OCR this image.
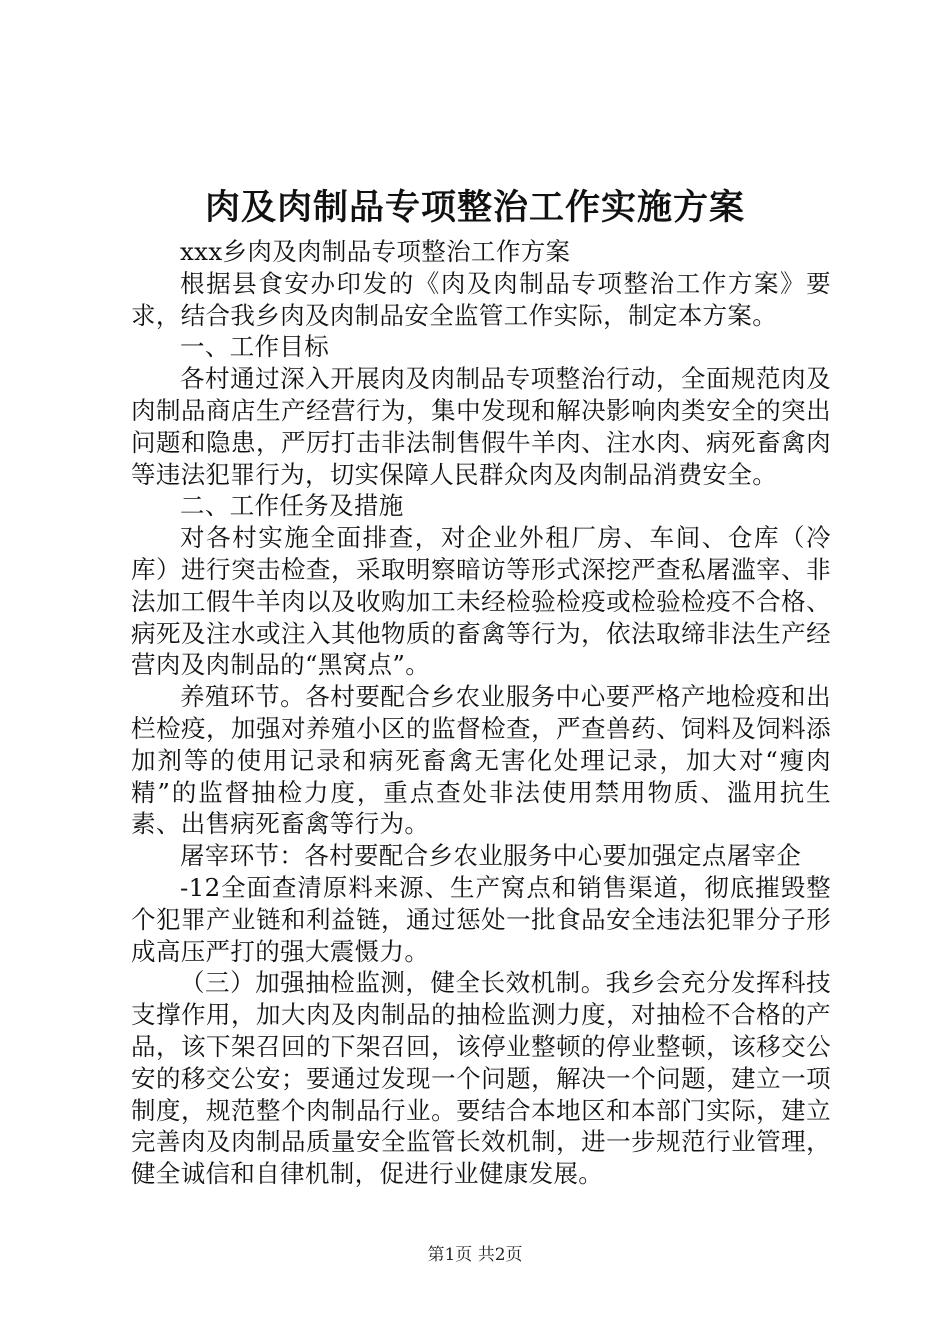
肉及肉制品专项整治工作实施方案

xxx乡肉及肉制品专项整治工作方案

根据县食安办印发的《肉及肉制品专项整治工作方案》要求，结合我乡肉及肉制品安全监管工作实际，制定本方案。

一、工作目标

各村通过深入开展肉及肉制品专项整治行动，全面规范肉及肉制品商店生产经营行为，集中发现和解决影响肉类安全的突出问题和隐患，严厉打击非法制售假牛羊肉、注水肉、病死畜禽肉等违法犯罪行为，切实保障人民群众肉及肉制品消费安全。

二、工作任务及措施

对各村实施全面排查，对企业外租厂房、车间、仓库（冷库）进行突击检查，采取明察暗访等形式深挖严查私屠滥宰、非法加工假牛羊肉以及收购加工未经检验检疫或检验检疫不合格、病死及注水或注入其他物质的畜禽等行为，依法取缔非法生产经营肉及肉制品的“黑窝点”。

养殖环节。各村要配合乡农业服务中心要严格产地检疫和出栏检疫，加强对养殖小区的监督检查，严查兽药、饲料及饲料添加剂等的使用记录和病死畜禽无害化处理记录，加大对“瘦肉精”的监督抽检力度，重点查处非法使用禁用物质、滥用抗生素、出售病死畜禽等行为。

屠宰环节：各村要配合乡农业服务中心要加强定点屠宰企

-12全面查清原料来源、生产窝点和销售渠道，彻底摧毁整个犯罪产业链和利益链，通过惩处一批食品安全违法犯罪分子形成高压严打的强大震慑力。

（三）加强抽检监测，健全长效机制。我乡会充分发挥科技支撑作用，加大肉及肉制品的抽检监测力度，对抽检不合格的产品，该下架召回的下架召回，该停业整顿的停业整顿，该移交公安的移交公安；要通过发现一个问题，解决一个问题，建立一项制度，规范整个肉制品行业。要结合本地区和本部门实际，建立完善肉及肉制品质量安全监管长效机制，进一步规范行业管理，健全诚信和自律机制，促进行业健康发展。

第1页 共2页
